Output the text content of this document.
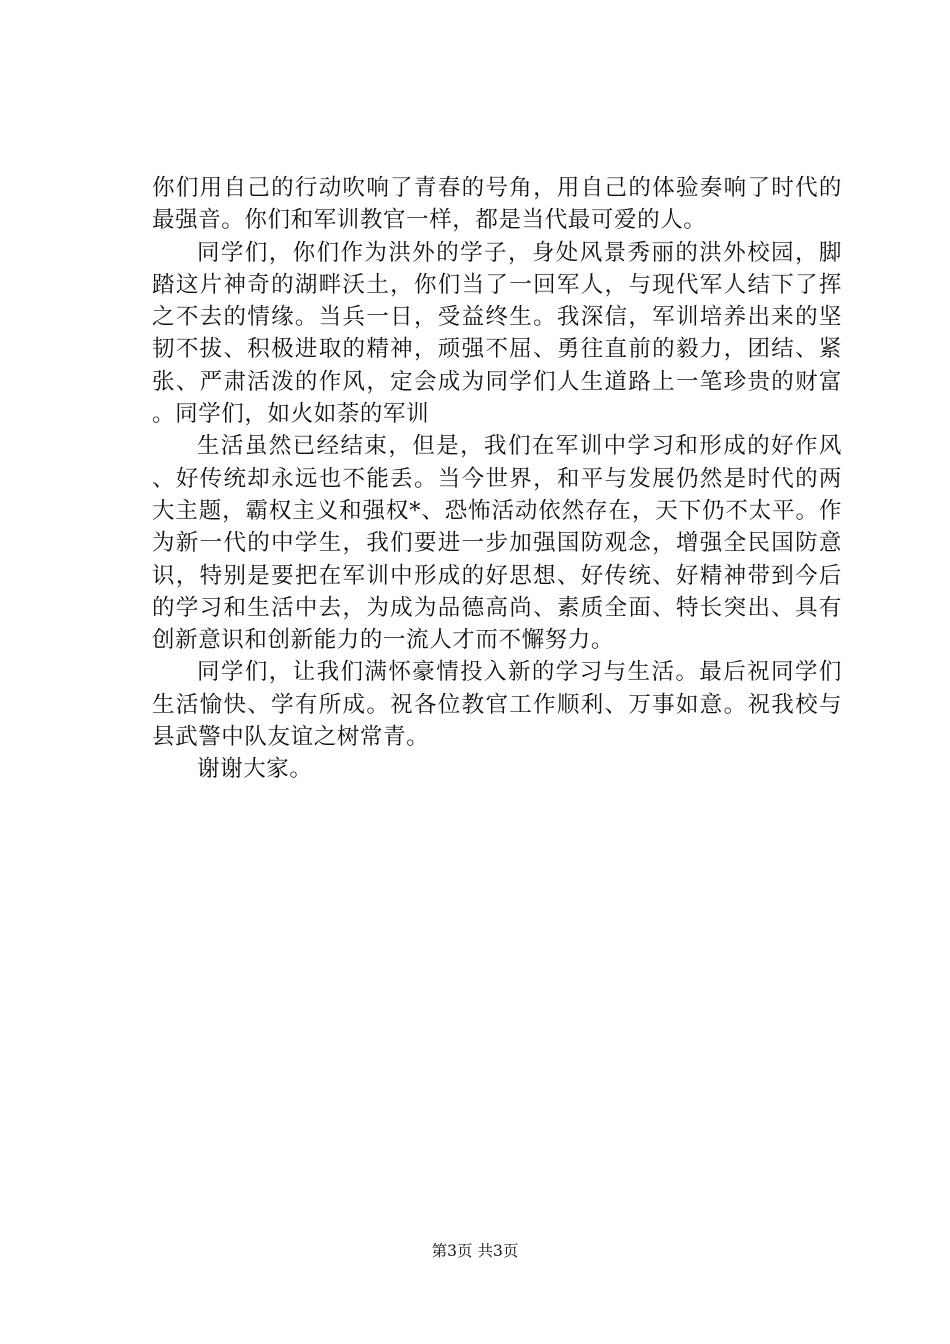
你们用自己的行动吹响了青春的号角，用自己的体验奏响了时代的最强音。你们和军训教官一样，都是当代最可爱的人。

同学们，你们作为洪外的学子，身处风景秀丽的洪外校园，脚踏这片神奇的湖畔沃土，你们当了一回军人，与现代军人结下了挥之不去的情缘。当兵一日，受益终生。我深信，军训培养出来的坚韧不拔、积极进取的精神，顽强不屈、勇往直前的毅力，团结、紧张、严肃活泼的作风，定会成为同学们人生道路上一笔珍贵的财富。同学们，如火如荼的军训

生活虽然已经结束，但是，我们在军训中学习和形成的好作风、好传统却永远也不能丢。当今世界，和平与发展仍然是时代的两大主题，霸权主义和强权*、恐怖活动依然存在，天下仍不太平。作为新一代的中学生，我们要进一步加强国防观念，增强全民国防意识，特别是要把在军训中形成的好思想、好传统、好精神带到今后的学习和生活中去，为成为品德高尚、素质全面、特长突出、具有创新意识和创新能力的一流人才而不懈努力。

同学们，让我们满怀豪情投入新的学习与生活。最后祝同学们生活愉快、学有所成。祝各位教官工作顺利、万事如意。祝我校与县武警中队友谊之树常青。

谢谢大家。

第3页 共3页
